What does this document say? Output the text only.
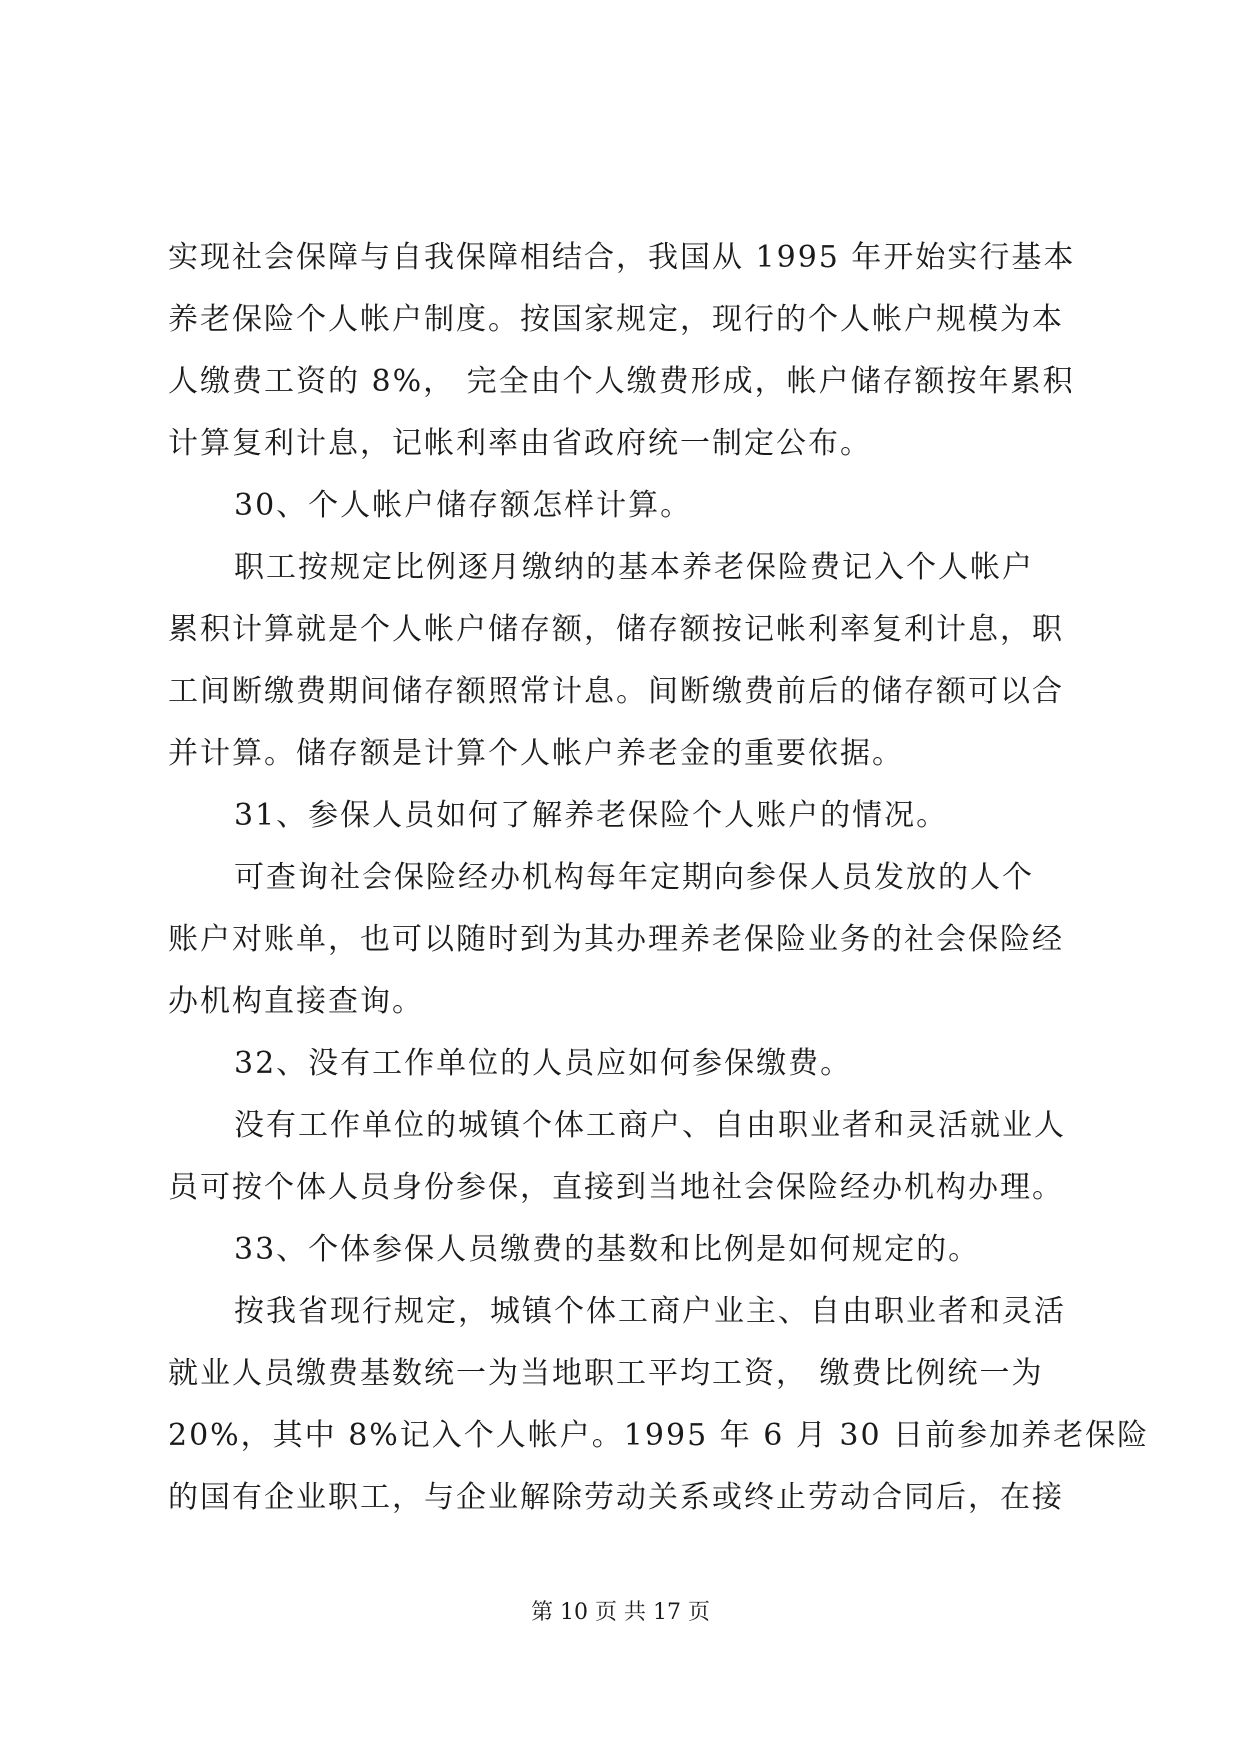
实现社会保障与自我保障相结合，我国从 1995 年开始实行基本
养老保险个人帐户制度。按国家规定，现行的个人帐户规模为本
人缴费工资的 8%， 完全由个人缴费形成，帐户储存额按年累积
计算复利计息，记帐利率由省政府统一制定公布。
30、个人帐户储存额怎样计算。
职工按规定比例逐月缴纳的基本养老保险费记入个人帐户
累积计算就是个人帐户储存额，储存额按记帐利率复利计息，职
工间断缴费期间储存额照常计息。间断缴费前后的储存额可以合
并计算。储存额是计算个人帐户养老金的重要依据。
31、参保人员如何了解养老保险个人账户的情况。
可查询社会保险经办机构每年定期向参保人员发放的人个
账户对账单，也可以随时到为其办理养老保险业务的社会保险经
办机构直接查询。
32、没有工作单位的人员应如何参保缴费。
没有工作单位的城镇个体工商户、自由职业者和灵活就业人
员可按个体人员身份参保，直接到当地社会保险经办机构办理。
33、个体参保人员缴费的基数和比例是如何规定的。
按我省现行规定，城镇个体工商户业主、自由职业者和灵活
就业人员缴费基数统一为当地职工平均工资， 缴费比例统一为
20%，其中 8%记入个人帐户。1995 年 6 月 30 日前参加养老保险
的国有企业职工，与企业解除劳动关系或终止劳动合同后，在接
第 10 页 共 17 页
